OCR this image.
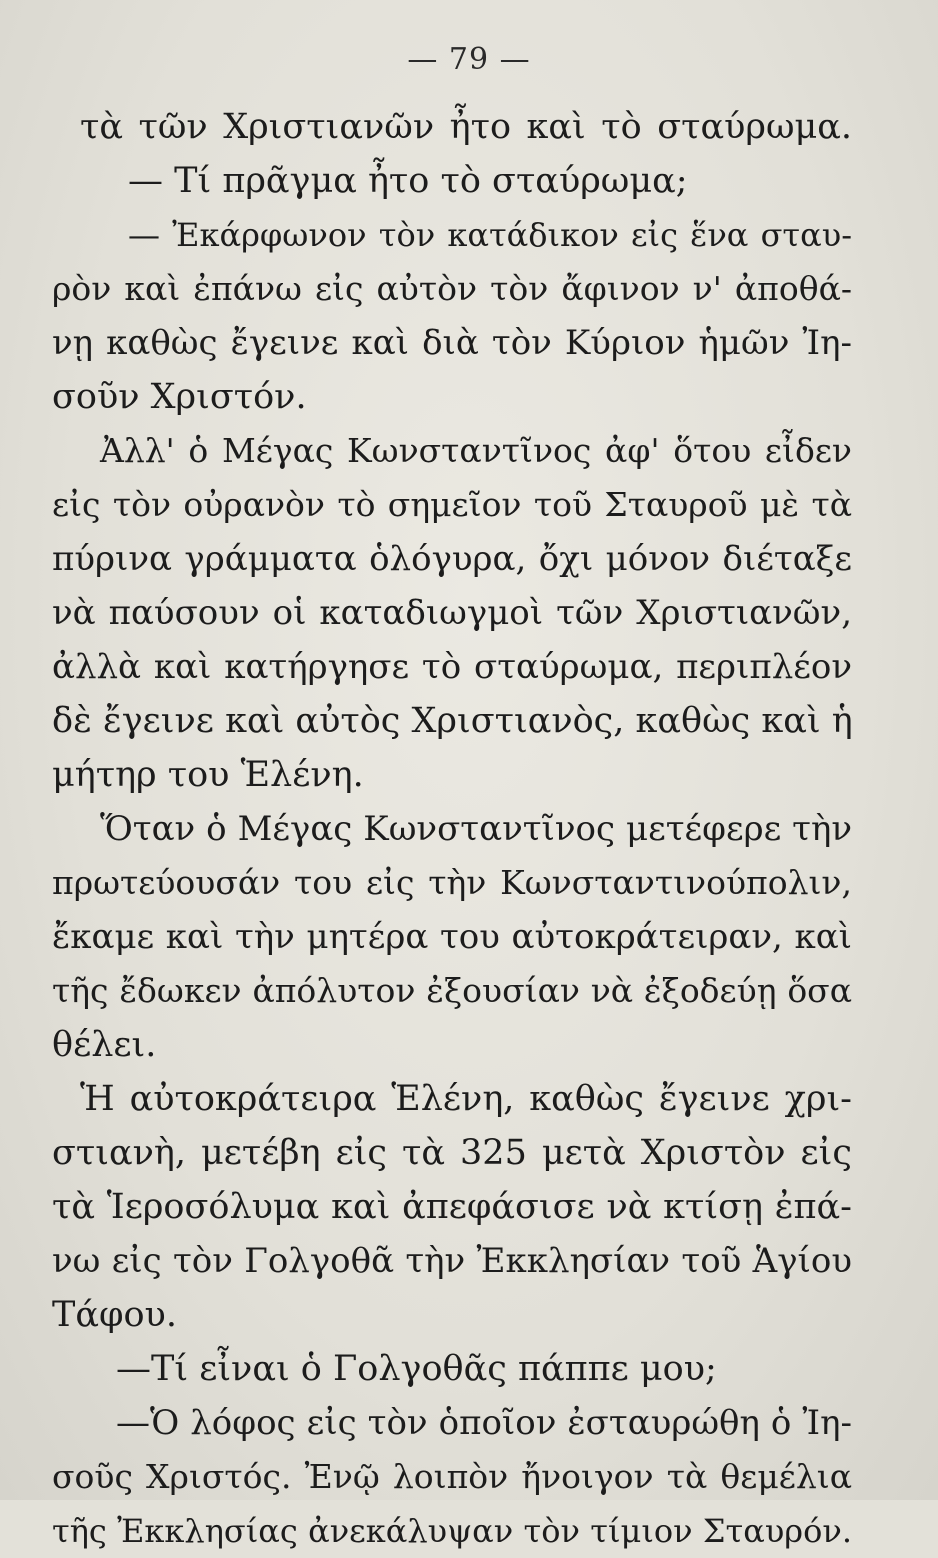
— 79 —
τὰ τῶν Χριστιανῶν ἦτο καὶ τὸ σταύρωμα.
— Τί πρᾶγμα ἦτο τὸ σταύρωμα;
— Ἐκάρφωνον τὸν κατάδικον εἰς ἕνα σταυ-
ρὸν καὶ ἐπάνω εἰς αὐτὸν τὸν ἄφινον ν' ἀποθά-
νῃ καθὼς ἔγεινε καὶ διὰ τὸν Κύριον ἡμῶν Ἰη-
σοῦν Χριστόν.
Ἀλλ' ὁ Μέγας Κωνσταντῖνος ἀφ' ὅτου εἶδεν
εἰς τὸν οὐρανὸν τὸ σημεῖον τοῦ Σταυροῦ μὲ τὰ
πύρινα γράμματα ὁλόγυρα, ὄχι μόνον διέταξε
νὰ παύσουν οἱ καταδιωγμοὶ τῶν Χριστιανῶν,
ἀλλὰ καὶ κατήργησε τὸ σταύρωμα, περιπλέον
δὲ ἔγεινε καὶ αὐτὸς Χριστιανὸς, καθὼς καὶ ἡ
μήτηρ του Ἑλένη.
Ὅταν ὁ Μέγας Κωνσταντῖνος μετέφερε τὴν
πρωτεύουσάν του εἰς τὴν Κωνσταντινούπολιν,
ἔκαμε καὶ τὴν μητέρα του αὐτοκράτειραν, καὶ
τῆς ἔδωκεν ἀπόλυτον ἐξουσίαν νὰ ἐξοδεύῃ ὅσα
θέλει.
Ἡ αὐτοκράτειρα Ἑλένη, καθὼς ἔγεινε χρι-
στιανὴ, μετέβη εἰς τὰ 325 μετὰ Χριστὸν εἰς
τὰ Ἱεροσόλυμα καὶ ἀπεφάσισε νὰ κτίσῃ ἐπά-
νω εἰς τὸν Γολγοθᾶ τὴν Ἐκκλησίαν τοῦ Ἁγίου
Τάφου.
—Τί εἶναι ὁ Γολγοθᾶς πάππε μου;
—Ὁ λόφος εἰς τὸν ὁποῖον ἐσταυρώθη ὁ Ἰη-
σοῦς Χριστός. Ἐνῷ λοιπὸν ἤνοιγον τὰ θεμέλια
τῆς Ἐκκλησίας ἀνεκάλυψαν τὸν τίμιον Σταυρόν.
